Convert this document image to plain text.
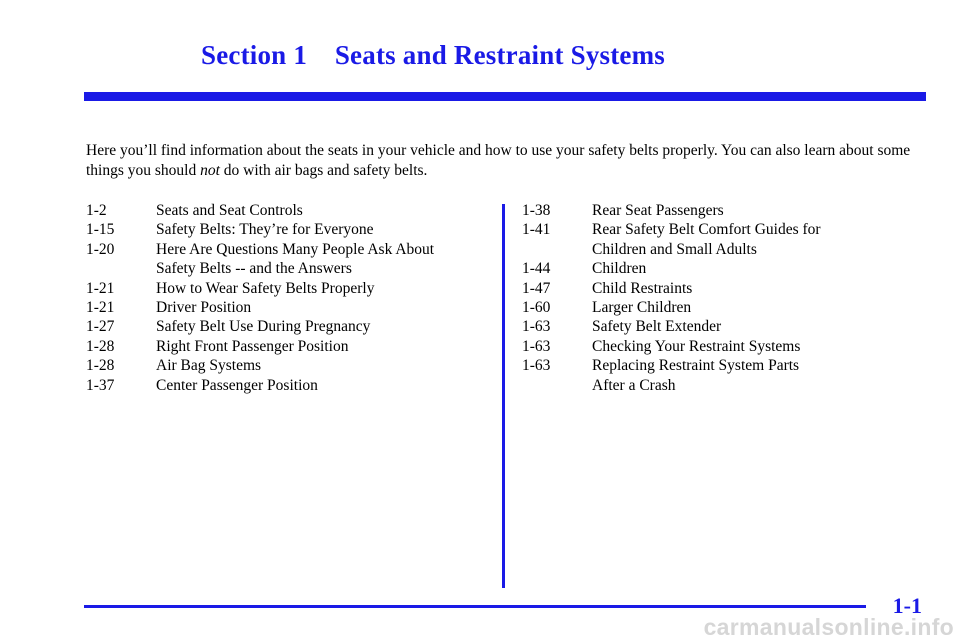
Section 1    Seats and Restraint Systems

Here you’ll find information about the seats in your vehicle and how to use your safety belts properly. You can also learn about some things you should not do with air bags and safety belts.

1-2	Seats and Seat Controls
1-15	Safety Belts: They’re for Everyone
1-20	Here Are Questions Many People Ask About
Safety Belts -- and the Answers
1-21	How to Wear Safety Belts Properly
1-21	Driver Position
1-27	Safety Belt Use During Pregnancy
1-28	Right Front Passenger Position
1-28	Air Bag Systems
1-37	Center Passenger Position
1-38	Rear Seat Passengers
1-41	Rear Safety Belt Comfort Guides for
Children and Small Adults
1-44	Children
1-47	Child Restraints
1-60	Larger Children
1-63	Safety Belt Extender
1-63	Checking Your Restraint Systems
1-63	Replacing Restraint System Parts
After a Crash
1-1
carmanualsonline.info
